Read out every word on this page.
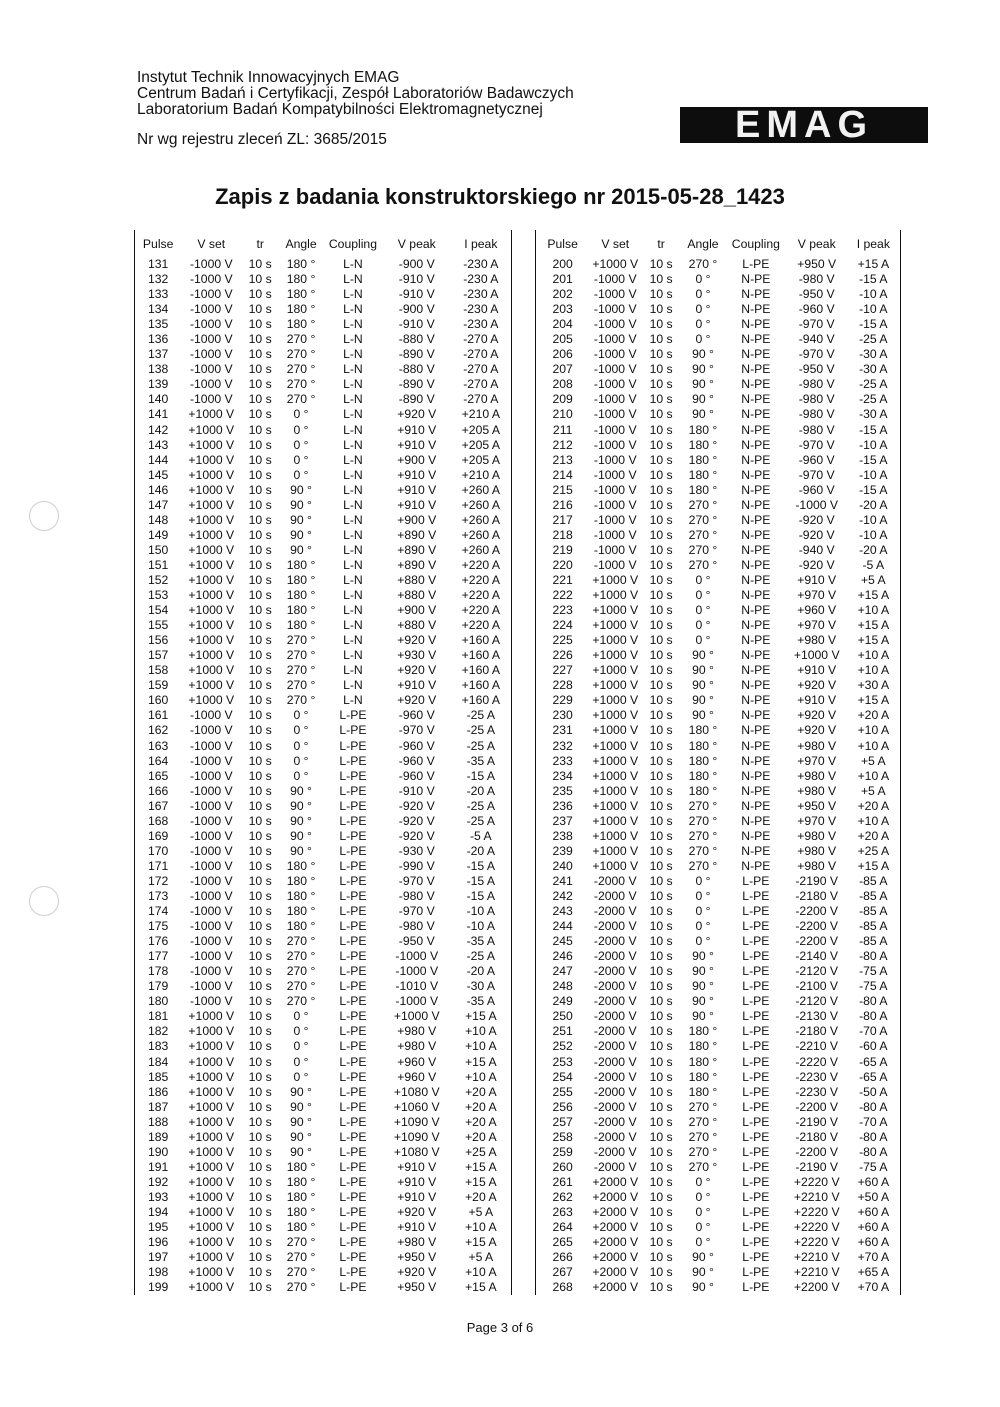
Instytut Technik Innowacyjnych EMAG
Centrum Badań i Certyfikacji, Zespół Laboratoriów Badawczych
Laboratorium Badań Kompatybilności Elektromagnetycznej
Nr wg rejestru zleceń ZL: 3685/2015	EMAG
Zapis z badania konstruktorskiego nr 2015-05-28_1423
Pulse	V set	tr	Angle	Coupling	V peak	I peak
131	-1000 V	10 s	180 °	L-N	-900 V	-230 A
132	-1000 V	10 s	180 °	L-N	-910 V	-230 A
133	-1000 V	10 s	180 °	L-N	-910 V	-230 A
134	-1000 V	10 s	180 °	L-N	-900 V	-230 A
135	-1000 V	10 s	180 °	L-N	-910 V	-230 A
136	-1000 V	10 s	270 °	L-N	-880 V	-270 A
137	-1000 V	10 s	270 °	L-N	-890 V	-270 A
138	-1000 V	10 s	270 °	L-N	-880 V	-270 A
139	-1000 V	10 s	270 °	L-N	-890 V	-270 A
140	-1000 V	10 s	270 °	L-N	-890 V	-270 A
141	+1000 V	10 s	0 °	L-N	+920 V	+210 A
142	+1000 V	10 s	0 °	L-N	+910 V	+205 A
143	+1000 V	10 s	0 °	L-N	+910 V	+205 A
144	+1000 V	10 s	0 °	L-N	+900 V	+205 A
145	+1000 V	10 s	0 °	L-N	+910 V	+210 A
146	+1000 V	10 s	90 °	L-N	+910 V	+260 A
147	+1000 V	10 s	90 °	L-N	+910 V	+260 A
148	+1000 V	10 s	90 °	L-N	+900 V	+260 A
149	+1000 V	10 s	90 °	L-N	+890 V	+260 A
150	+1000 V	10 s	90 °	L-N	+890 V	+260 A
151	+1000 V	10 s	180 °	L-N	+890 V	+220 A
152	+1000 V	10 s	180 °	L-N	+880 V	+220 A
153	+1000 V	10 s	180 °	L-N	+880 V	+220 A
154	+1000 V	10 s	180 °	L-N	+900 V	+220 A
155	+1000 V	10 s	180 °	L-N	+880 V	+220 A
156	+1000 V	10 s	270 °	L-N	+920 V	+160 A
157	+1000 V	10 s	270 °	L-N	+930 V	+160 A
158	+1000 V	10 s	270 °	L-N	+920 V	+160 A
159	+1000 V	10 s	270 °	L-N	+910 V	+160 A
160	+1000 V	10 s	270 °	L-N	+920 V	+160 A
161	-1000 V	10 s	0 °	L-PE	-960 V	-25 A
162	-1000 V	10 s	0 °	L-PE	-970 V	-25 A
163	-1000 V	10 s	0 °	L-PE	-960 V	-25 A
164	-1000 V	10 s	0 °	L-PE	-960 V	-35 A
165	-1000 V	10 s	0 °	L-PE	-960 V	-15 A
166	-1000 V	10 s	90 °	L-PE	-910 V	-20 A
167	-1000 V	10 s	90 °	L-PE	-920 V	-25 A
168	-1000 V	10 s	90 °	L-PE	-920 V	-25 A
169	-1000 V	10 s	90 °	L-PE	-920 V	-5 A
170	-1000 V	10 s	90 °	L-PE	-930 V	-20 A
171	-1000 V	10 s	180 °	L-PE	-990 V	-15 A
172	-1000 V	10 s	180 °	L-PE	-970 V	-15 A
173	-1000 V	10 s	180 °	L-PE	-980 V	-15 A
174	-1000 V	10 s	180 °	L-PE	-970 V	-10 A
175	-1000 V	10 s	180 °	L-PE	-980 V	-10 A
176	-1000 V	10 s	270 °	L-PE	-950 V	-35 A
177	-1000 V	10 s	270 °	L-PE	-1000 V	-25 A
178	-1000 V	10 s	270 °	L-PE	-1000 V	-20 A
179	-1000 V	10 s	270 °	L-PE	-1010 V	-30 A
180	-1000 V	10 s	270 °	L-PE	-1000 V	-35 A
181	+1000 V	10 s	0 °	L-PE	+1000 V	+15 A
182	+1000 V	10 s	0 °	L-PE	+980 V	+10 A
183	+1000 V	10 s	0 °	L-PE	+980 V	+10 A
184	+1000 V	10 s	0 °	L-PE	+960 V	+15 A
185	+1000 V	10 s	0 °	L-PE	+960 V	+10 A
186	+1000 V	10 s	90 °	L-PE	+1080 V	+20 A
187	+1000 V	10 s	90 °	L-PE	+1060 V	+20 A
188	+1000 V	10 s	90 °	L-PE	+1090 V	+20 A
189	+1000 V	10 s	90 °	L-PE	+1090 V	+20 A
190	+1000 V	10 s	90 °	L-PE	+1080 V	+25 A
191	+1000 V	10 s	180 °	L-PE	+910 V	+15 A
192	+1000 V	10 s	180 °	L-PE	+910 V	+15 A
193	+1000 V	10 s	180 °	L-PE	+910 V	+20 A
194	+1000 V	10 s	180 °	L-PE	+920 V	+5 A
195	+1000 V	10 s	180 °	L-PE	+910 V	+10 A
196	+1000 V	10 s	270 °	L-PE	+980 V	+15 A
197	+1000 V	10 s	270 °	L-PE	+950 V	+5 A
198	+1000 V	10 s	270 °	L-PE	+920 V	+10 A
199	+1000 V	10 s	270 °	L-PE	+950 V	+15 A
Pulse	V set	tr	Angle	Coupling	V peak	I peak
200	+1000 V	10 s	270 °	L-PE	+950 V	+15 A
201	-1000 V	10 s	0 °	N-PE	-980 V	-15 A
202	-1000 V	10 s	0 °	N-PE	-950 V	-10 A
203	-1000 V	10 s	0 °	N-PE	-960 V	-10 A
204	-1000 V	10 s	0 °	N-PE	-970 V	-15 A
205	-1000 V	10 s	0 °	N-PE	-940 V	-25 A
206	-1000 V	10 s	90 °	N-PE	-970 V	-30 A
207	-1000 V	10 s	90 °	N-PE	-950 V	-30 A
208	-1000 V	10 s	90 °	N-PE	-980 V	-25 A
209	-1000 V	10 s	90 °	N-PE	-980 V	-25 A
210	-1000 V	10 s	90 °	N-PE	-980 V	-30 A
211	-1000 V	10 s	180 °	N-PE	-980 V	-15 A
212	-1000 V	10 s	180 °	N-PE	-970 V	-10 A
213	-1000 V	10 s	180 °	N-PE	-960 V	-15 A
214	-1000 V	10 s	180 °	N-PE	-970 V	-10 A
215	-1000 V	10 s	180 °	N-PE	-960 V	-15 A
216	-1000 V	10 s	270 °	N-PE	-1000 V	-20 A
217	-1000 V	10 s	270 °	N-PE	-920 V	-10 A
218	-1000 V	10 s	270 °	N-PE	-920 V	-10 A
219	-1000 V	10 s	270 °	N-PE	-940 V	-20 A
220	-1000 V	10 s	270 °	N-PE	-920 V	-5 A
221	+1000 V	10 s	0 °	N-PE	+910 V	+5 A
222	+1000 V	10 s	0 °	N-PE	+970 V	+15 A
223	+1000 V	10 s	0 °	N-PE	+960 V	+10 A
224	+1000 V	10 s	0 °	N-PE	+970 V	+15 A
225	+1000 V	10 s	0 °	N-PE	+980 V	+15 A
226	+1000 V	10 s	90 °	N-PE	+1000 V	+10 A
227	+1000 V	10 s	90 °	N-PE	+910 V	+10 A
228	+1000 V	10 s	90 °	N-PE	+920 V	+30 A
229	+1000 V	10 s	90 °	N-PE	+910 V	+15 A
230	+1000 V	10 s	90 °	N-PE	+920 V	+20 A
231	+1000 V	10 s	180 °	N-PE	+920 V	+10 A
232	+1000 V	10 s	180 °	N-PE	+980 V	+10 A
233	+1000 V	10 s	180 °	N-PE	+970 V	+5 A
234	+1000 V	10 s	180 °	N-PE	+980 V	+10 A
235	+1000 V	10 s	180 °	N-PE	+980 V	+5 A
236	+1000 V	10 s	270 °	N-PE	+950 V	+20 A
237	+1000 V	10 s	270 °	N-PE	+970 V	+10 A
238	+1000 V	10 s	270 °	N-PE	+980 V	+20 A
239	+1000 V	10 s	270 °	N-PE	+980 V	+25 A
240	+1000 V	10 s	270 °	N-PE	+980 V	+15 A
241	-2000 V	10 s	0 °	L-PE	-2190 V	-85 A
242	-2000 V	10 s	0 °	L-PE	-2180 V	-85 A
243	-2000 V	10 s	0 °	L-PE	-2200 V	-85 A
244	-2000 V	10 s	0 °	L-PE	-2200 V	-85 A
245	-2000 V	10 s	0 °	L-PE	-2200 V	-85 A
246	-2000 V	10 s	90 °	L-PE	-2140 V	-80 A
247	-2000 V	10 s	90 °	L-PE	-2120 V	-75 A
248	-2000 V	10 s	90 °	L-PE	-2100 V	-75 A
249	-2000 V	10 s	90 °	L-PE	-2120 V	-80 A
250	-2000 V	10 s	90 °	L-PE	-2130 V	-80 A
251	-2000 V	10 s	180 °	L-PE	-2180 V	-70 A
252	-2000 V	10 s	180 °	L-PE	-2210 V	-60 A
253	-2000 V	10 s	180 °	L-PE	-2220 V	-65 A
254	-2000 V	10 s	180 °	L-PE	-2230 V	-65 A
255	-2000 V	10 s	180 °	L-PE	-2230 V	-50 A
256	-2000 V	10 s	270 °	L-PE	-2200 V	-80 A
257	-2000 V	10 s	270 °	L-PE	-2190 V	-70 A
258	-2000 V	10 s	270 °	L-PE	-2180 V	-80 A
259	-2000 V	10 s	270 °	L-PE	-2200 V	-80 A
260	-2000 V	10 s	270 °	L-PE	-2190 V	-75 A
261	+2000 V	10 s	0 °	L-PE	+2220 V	+60 A
262	+2000 V	10 s	0 °	L-PE	+2210 V	+50 A
263	+2000 V	10 s	0 °	L-PE	+2220 V	+60 A
264	+2000 V	10 s	0 °	L-PE	+2220 V	+60 A
265	+2000 V	10 s	0 °	L-PE	+2220 V	+60 A
266	+2000 V	10 s	90 °	L-PE	+2210 V	+70 A
267	+2000 V	10 s	90 °	L-PE	+2210 V	+65 A
268	+2000 V	10 s	90 °	L-PE	+2200 V	+70 A
Page 3 of 6
